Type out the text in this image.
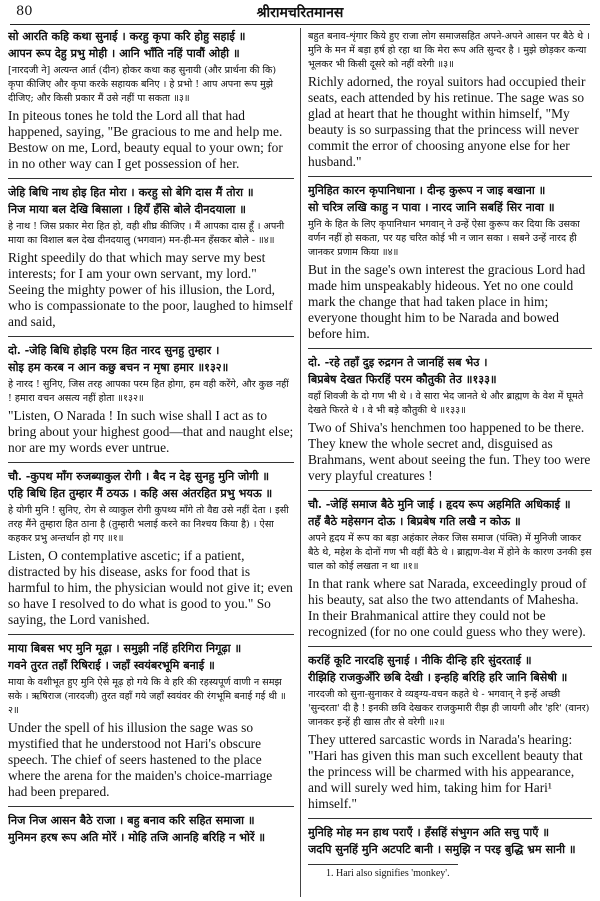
80	श्रीरामचरितमानस
सो आरति कहि कथा सुनाई । करहु कृपा करि होहु सहाई ॥
आपन रूप देहु प्रभु मोही । आनि भाँति नहिं पावौं ओही ॥
[नारदजी ने] अत्यन्त आर्त (दीन) होकर कथा कह सुनायी (और प्रार्थना की कि) कृपा कीजिए और कृपा करके सहायक बनिए । हे प्रभो ! आप अपना रूप मुझे दीजिए; और किसी प्रकार मैं उसे नहीं पा सकता ॥३॥
In piteous tones he told the Lord all that had happened, saying, "Be gracious to me and help me. Bestow on me, Lord, beauty equal to your own; for in no other way can I get possession of her.
जेहि बिधि नाथ होइ हित मोरा । करहु सो बेगि दास मैं तोरा ॥
निज माया बल देखि बिसाला । हियँ हँसि बोले दीनदयाला ॥
हे नाथ ! जिस प्रकार मेरा हित हो, वही शीघ्र कीजिए । मैं आपका दास हूँ । अपनी माया का विशाल बल देख दीनदयालु (भगवान) मन-ही-मन हँसकर बोले - ॥४॥
Right speedily do that which may serve my best interests; for I am your own servant, my lord." Seeing the mighty power of his illusion, the Lord, who is compassionate to the poor, laughed to himself and said,
दो. -जेहि बिधि होइहि परम हित नारद सुनहु तुम्हार ।
सोइ हम करब न आन कछु बचन न मृषा हमार ॥१३२॥
हे नारद ! सुनिए, जिस तरह आपका परम हित होगा, हम वही करेंगे, और कुछ नहीं ! हमारा वचन असत्य नहीं होता ॥१३२॥
"Listen, O Narada ! In such wise shall I act as to bring about your highest good—that and naught else; nor are my words ever untrue.
चौ. -कुपथ माँग रुजब्याकुल रोगी । बैद न देइ सुनहु मुनि जोगी ॥
एहि बिधि हित तुम्हार मैं ठयऊ । कहि अस अंतरहित प्रभु भयऊ ॥
हे योगी मुनि ! सुनिए, रोग से व्याकुल रोगी कुपथ्य माँगे तो वैद्य उसे नहीं देता । इसी तरह मैंने तुम्हारा हित ठाना है (तुम्हारी भलाई करने का निश्चय किया है) । ऐसा कहकर प्रभु अन्तर्धान हो गए ॥१॥
Listen, O contemplative ascetic; if a patient, distracted by his disease, asks for food that is harmful to him, the physician would not give it; even so have I resolved to do what is good to you." So saying, the Lord vanished.
माया बिबस भए मुनि मूढ़ा । समुझी नहिं हरिगिरा निगूढ़ा ॥
गवने तुरत तहाँ रिषिराई । जहाँ स्वयंबरभूमि बनाई ॥
माया के वशीभूत हुए मुनि ऐसे मूढ़ हो गये कि वे हरि की रहस्यपूर्ण वाणी न समझ सके । ऋषिराज (नारदजी) तुरत वहाँ गये जहाँ स्वयंवर की रंगभूमि बनाई गई थी ॥२॥
Under the spell of his illusion the sage was so mystified that he understood not Hari's obscure speech. The chief of seers hastened to the place where the arena for the maiden's choice-marriage had been prepared.
निज निज आसन बैठे राजा । बहु बनाव करि सहित समाजा ॥
मुनिमन हरष रूप अति मोरें । मोहि तजि आनहि बरिहि न भोरें ॥
बहुत बनाव-शृंगार किये हुए राजा लोग समाजसहित अपने-अपने आसन पर बैठे थे । मुनि के मन में बड़ा हर्ष हो रहा था कि मेरा रूप अति सुन्दर है । मुझे छोड़कर कन्या भूलकर भी किसी दूसरे को नहीं वरेगी ॥३॥
Richly adorned, the royal suitors had occupied their seats, each attended by his retinue. The sage was so glad at heart that he thought within himself, "My beauty is so surpassing that the princess will never commit the error of choosing anyone else for her husband."
मुनिहित कारन कृपानिधाना । दीन्ह कुरूप न जाइ बखाना ॥
सो चरित्र लखि काहु न पावा । नारद जानि सबहिं सिर नावा ॥
मुनि के हित के लिए कृपानिधान भगवान् ने उन्हें ऐसा कुरूप कर दिया कि उसका वर्णन नहीं हो सकता, पर यह चरित कोई भी न जान सका । सबने उन्हें नारद ही जानकर प्रणाम किया ॥४॥
But in the sage's own interest the gracious Lord had made him unspeakably hideous. Yet no one could mark the change that had taken place in him; everyone thought him to be Narada and bowed before him.
दो. -रहे तहाँ दुइ रुद्रगन ते जानहिं सब भेउ ।
बिप्रबेष देखत फिरहिं परम कौतुकी तेउ ॥१३३॥
वहाँ शिवजी के दो गण भी थे । वे सारा भेद जानते थे और ब्राह्मण के वेश में घूमते देखते फिरते थे । वे भी बड़े कौतुकी थे ॥१३३॥
Two of Shiva's henchmen too happened to be there. They knew the whole secret and, disguised as Brahmans, went about seeing the fun. They too were very playful creatures !
चौ. -जेहिं समाज बैठे मुनि जाई । हृदय रूप अहमिति अधिकाई ॥
तहँ बैठे महेसगन दोऊ । बिप्रबेष गति लखै न कोऊ ॥
अपने हृदय में रूप का बड़ा अहंकार लेकर जिस समाज (पंक्ति) में मुनिजी जाकर बैठे थे, महेश के दोनों गण भी वहीं बैठे थे । ब्राह्मण-वेश में होने के कारण उनकी इस चाल को कोई लखता न था ॥१॥
In that rank where sat Narada, exceedingly proud of his beauty, sat also the two attendants of Mahesha. In their Brahmanical attire they could not be recognized (for no one could guess who they were).
करहिं कूटि नारदहि सुनाई । नीकि दीन्हि हरि सुंदरताई ॥
रीझिहि राजकुअँरि छबि देखी । इन्हहि बरिहि हरि जानि बिसेषी ॥
नारदजी को सुना-सुनाकर वे व्यङ्ग्य-वचन कहते थे - भगवान् ने इन्हें अच्छी 'सुन्दरता' दी है ! इनकी छवि देखकर राजकुमारी रीझ ही जायगी और 'हरि' (वानर) जानकर इन्हें ही खास तौर से वरेगी ॥२॥
They uttered sarcastic words in Narada's hearing: "Hari has given this man such excellent beauty that the princess will be charmed with his appearance, and will surely wed him, taking him for Hari¹ himself."
मुनिहि मोह मन हाथ पराएँ । हँसहिं संभुगन अति सचु पाएँ ॥
जदपि सुनहिं मुनि अटपटि बानी । समुझि न परइ बुद्धि भ्रम सानी ॥
1. Hari also signifies 'monkey'.
